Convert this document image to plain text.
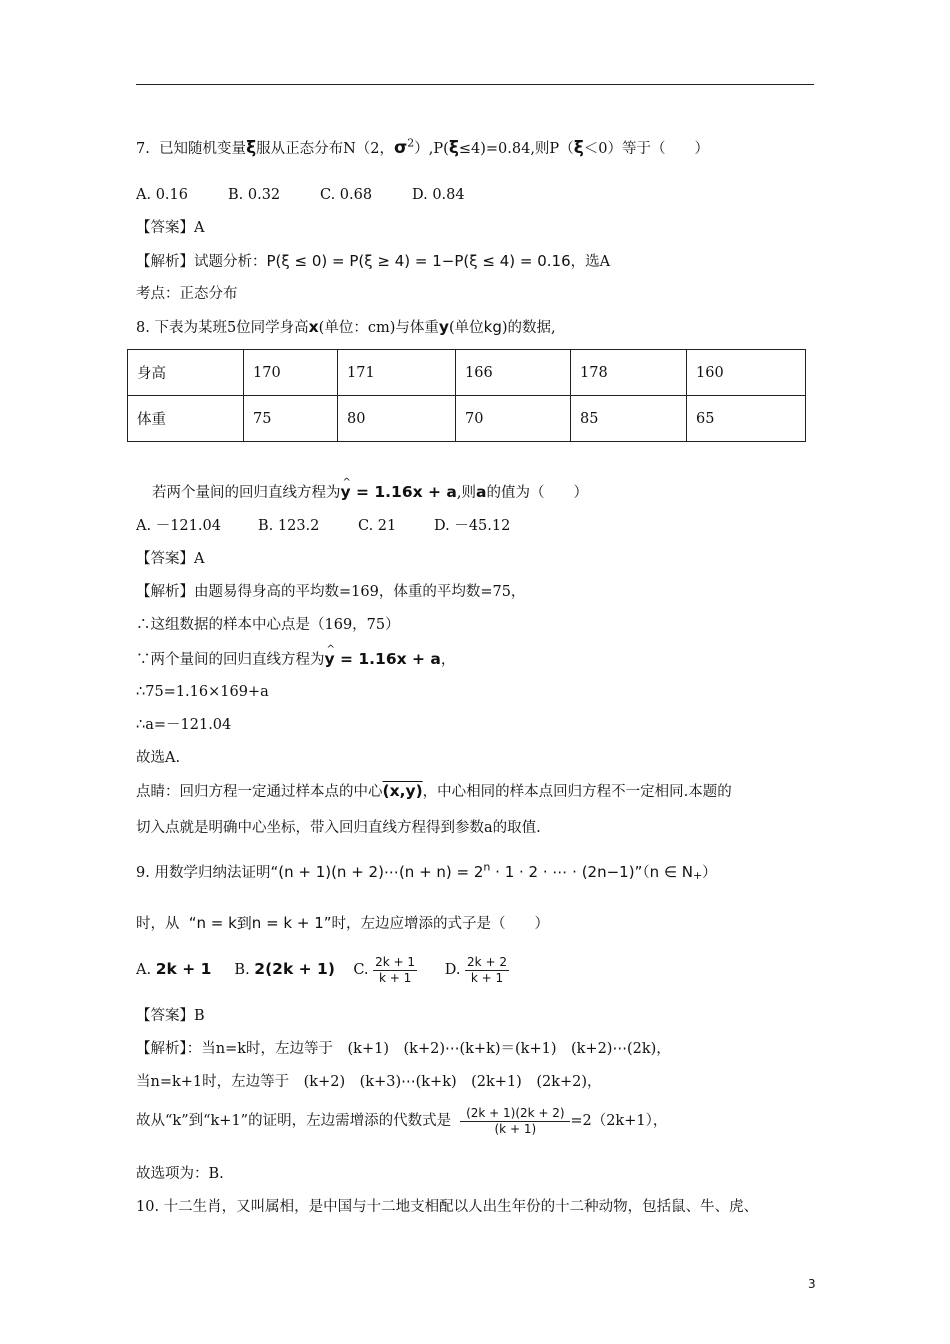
7. 已知随机变量ξ服从正态分布N（2，$\sigma^2),P(\xi\le 4)=0.84$,则P（ξ＜0）等于（　　）
A. 0.16	B. 0.32	C. 0.68	D. 0.84
【答案】A
【解析】试题分析：P(ξ ≤ 0) = P(ξ ≥ 4) = 1−P(ξ ≤ 4) = 0.16，选A
考点：正态分布
8. 下表为某班5位同学身高x(单位：cm)与体重y(单位kg)的数据,
身高	170	171	166	178	160
体重	75	80	70	85	65
若两个量间的回归直线方程为^ y = 1.16x + a,则a的值为（　　）
A. －121.04	B. 123.2	C. 21	D. －45.12
【答案】A
【解析】由题易得身高的平均数=169，体重的平均数=75，
∴这组数据的样本中心点是（169，75）
∵两个量间的回归直线方程为^ y = 1.16x + a，
∴75=1.16×169+a
∴a=－121.04
故选A.
点睛：回归方程一定通过样本点的中心(x,y)，中心相同的样本点回归方程不一定相同.本题的
切入点就是明确中心坐标，带入回归直线方程得到参数a的取值.
9. 用数学归纳法证明“(n + 1)(n + 2)⋯(n + $n) = 2^n \cdot 1 \cdot 2$ · ⋯ · (2n−1)”（n ∈ $N_+$）
时，从 “n = k到n = k + 1”时，左边应增添的式子是（　　）
A. 2k + 1 B. 2(2k + 1) C. $\frac{2k + 1}{k + 1} D$. $\frac{2k + 2}{k + 1}$
【答案】B
【解析】：当n=k时，左边等于　(k+1)　(k+2)⋯(k+k)＝(k+1)　(k+2)⋯(2k)，
当n=k+1时，左边等于　(k+2)　(k+3)⋯(k+k)　(2k+1)　(2k+2)，
故从“k”到“k+1”的证明，左边需增添的代数式是 $\frac{(2k + 1)(2k + 2)}{(k + 1)} =2(2k+1)$，
故选项为：B.
10. 十二生肖，又叫属相，是中国与十二地支相配以人出生年份的十二种动物，包括鼠、牛、虎、
3
